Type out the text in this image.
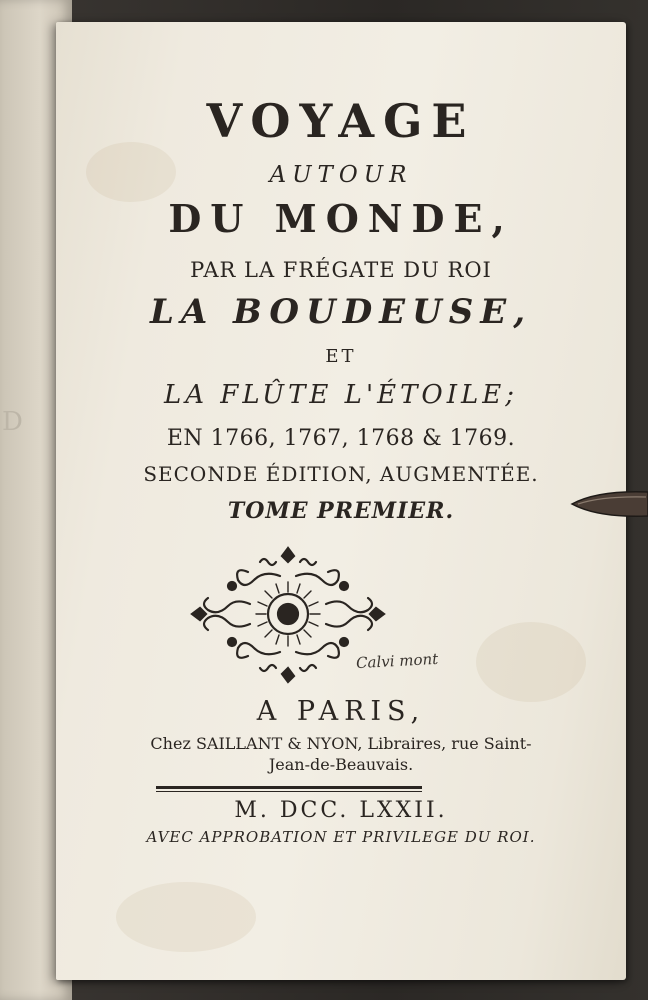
D
VOYAGE
AUTOUR
DU MONDE,
PAR LA FRÉGATE DU ROI
LA BOUDEUSE,
ET
LA FLÛTE L'ÉTOILE;
EN 1766, 1767, 1768 & 1769.
SECONDE ÉDITION, AUGMENTÉE.
TOME PREMIER.
Calvi mont
A PARIS,
Chez SAILLANT & NYON, Libraires, rue Saint-
Jean-de-Beauvais.
M. DCC. LXXII.
AVEC APPROBATION ET PRIVILEGE DU ROI.
